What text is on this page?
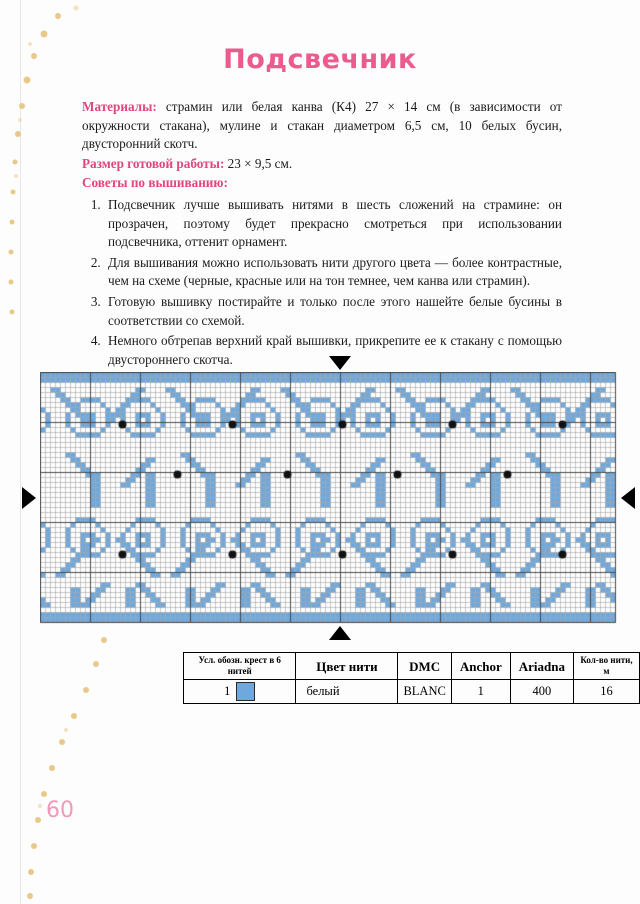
Подсвечник

Материалы: страмин или белая канва (К4) 27 × 14 см (в зависимости от окружности стакана), мулине и стакан диаметром 6,5 см, 10 белых бусин, двусторонний скотч.

Размер готовой работы: 23 × 9,5 см.

Советы по вышиванию:

1. Подсвечник лучше вышивать нитями в шесть сложений на страмине: он прозрачен, поэтому будет прекрасно смотреться при использовании подсвечника, оттенит орнамент.
2. Для вышивания можно использовать нити другого цвета — более контрастные, чем на схеме (черные, красные или на тон темнее, чем канва или страмин).
3. Готовую вышивку постирайте и только после этого нашейте белые бусины в соответствии со схемой.
4. Немного обтрепав верхний край вышивки, прикрепите ее к стакану с помощью двустороннего скотча.
Усл. обозн. крест в 6 нитей	Цвет нити	DMC	Anchor	Ariadna	Кол-во нити, м

1	белый	BLANC	1	400	16
60
